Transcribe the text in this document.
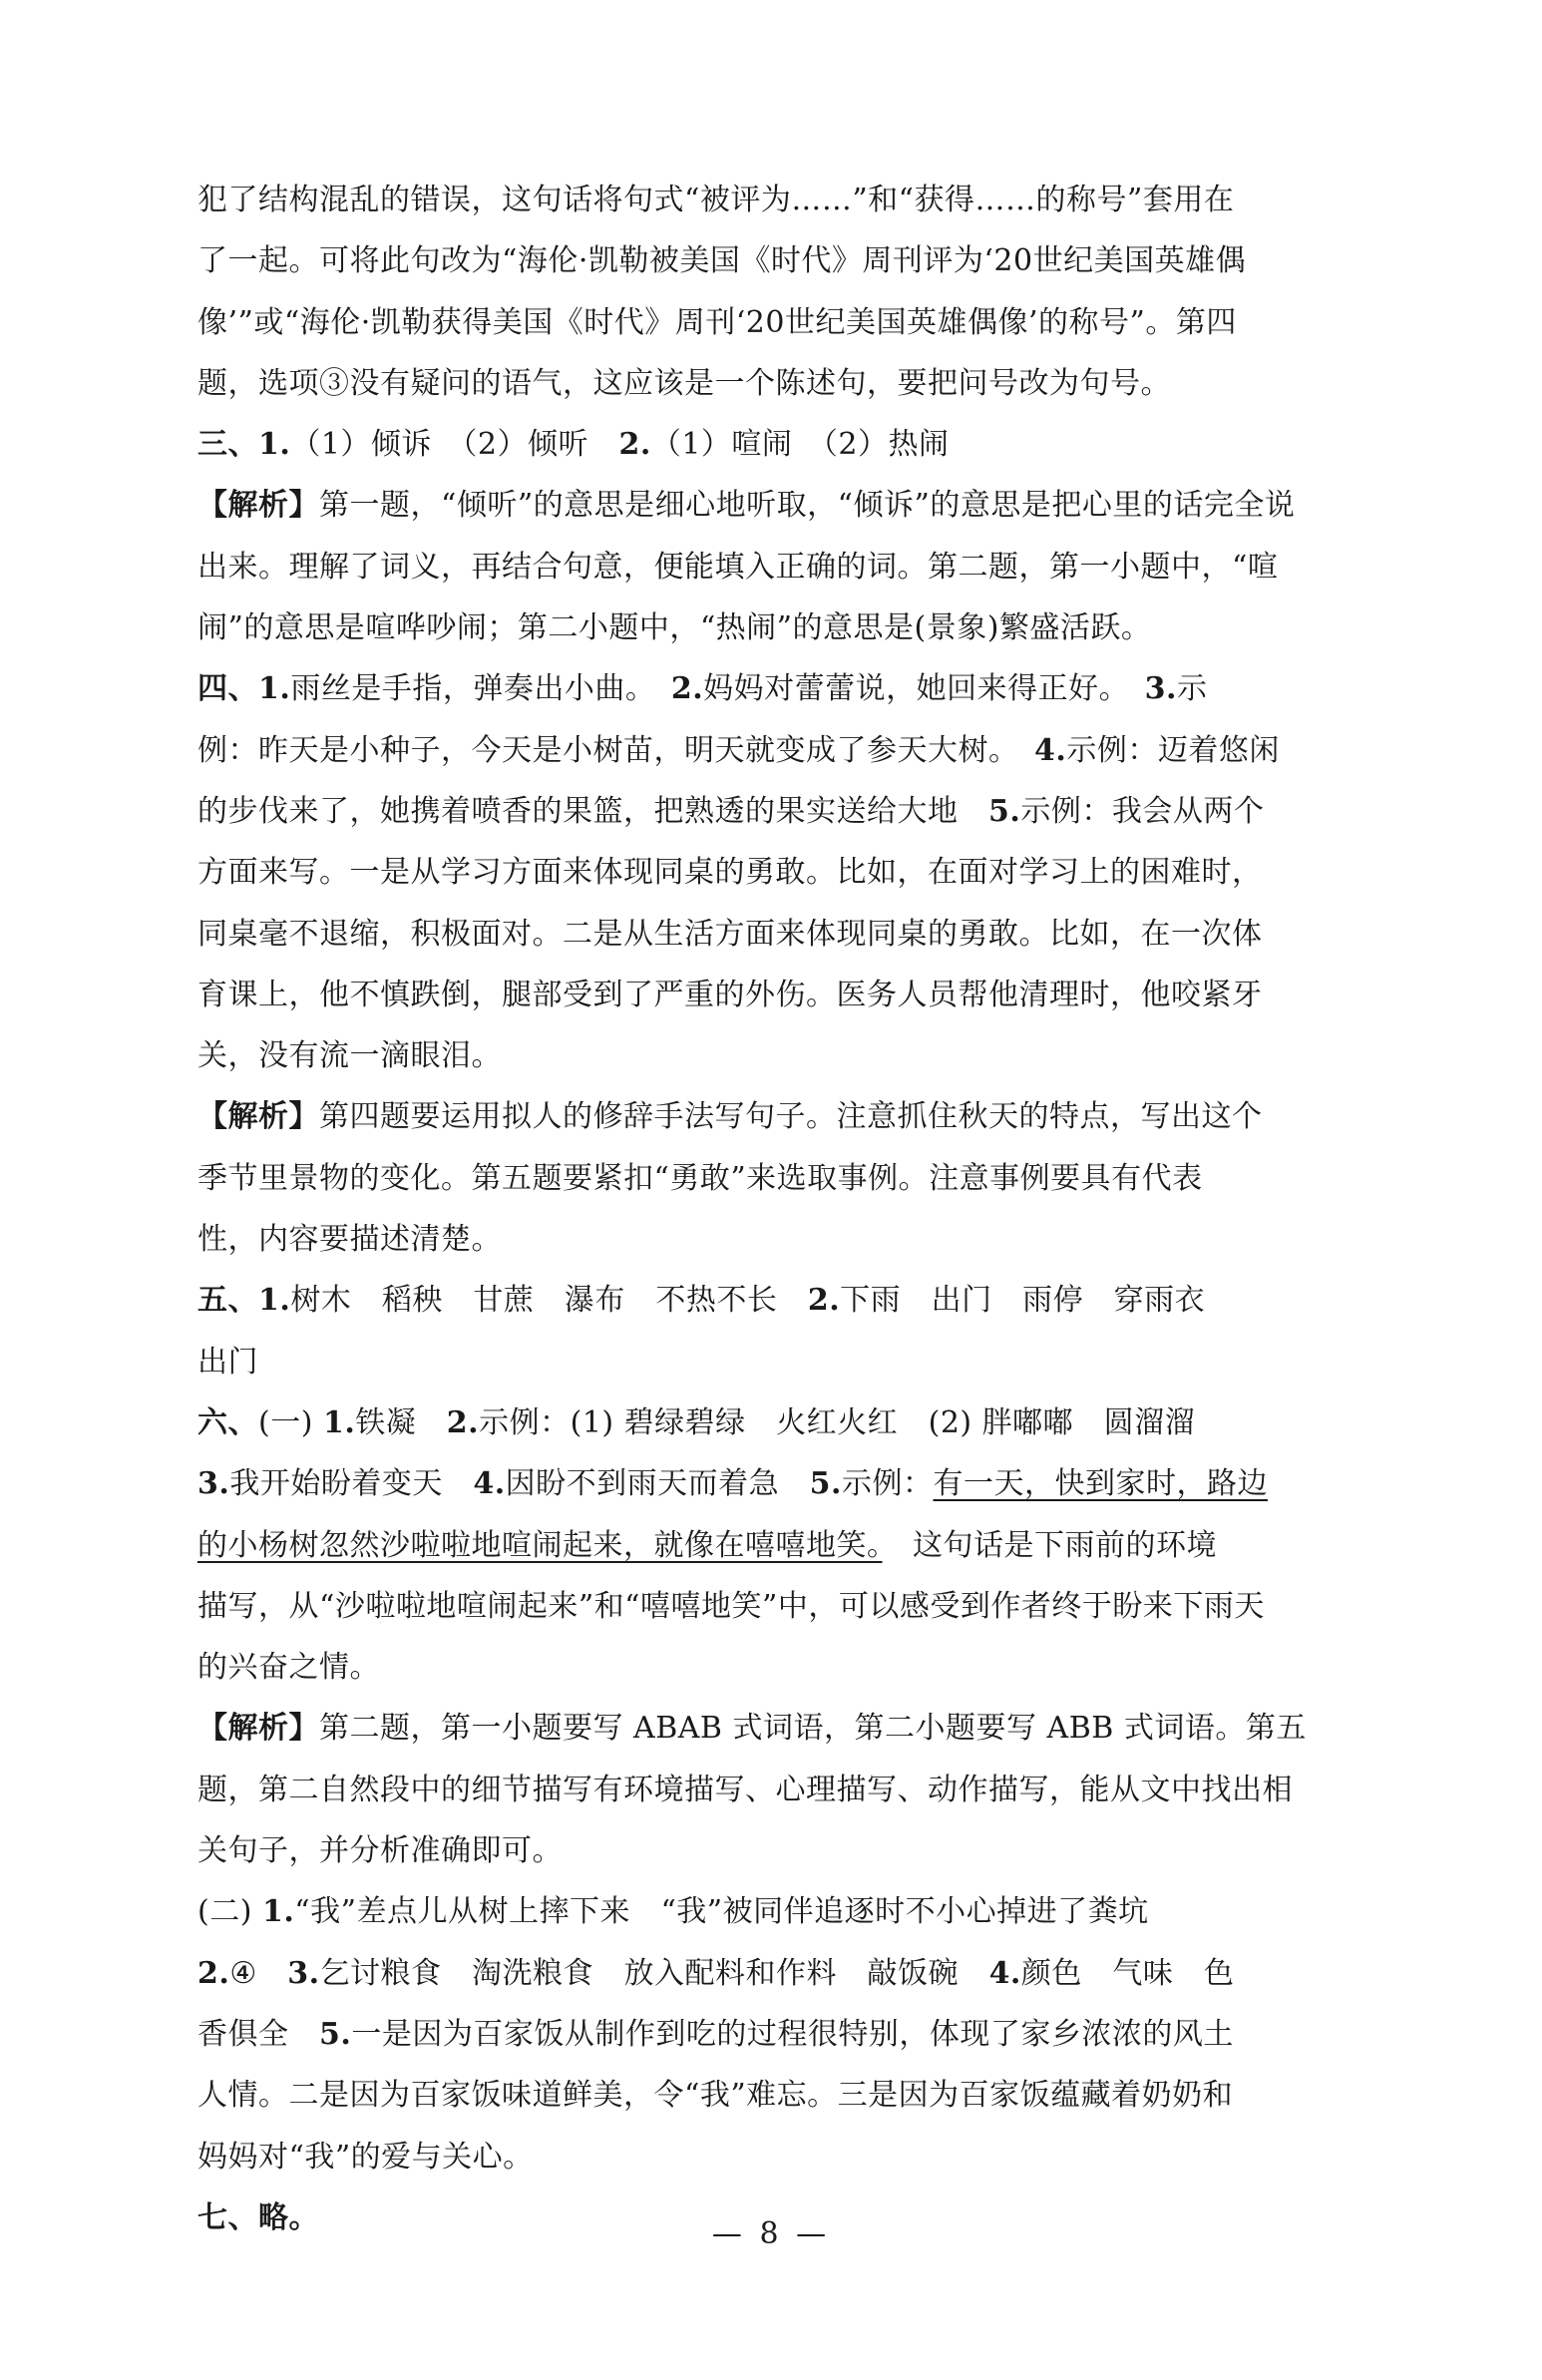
犯了结构混乱的错误，这句话将句式“被评为……”和“获得……的称号”套用在
了一起。可将此句改为“海伦·凯勒被美国《时代》周刊评为‘20世纪美国英雄偶
像’”或“海伦·凯勒获得美国《时代》周刊‘20世纪美国英雄偶像’的称号”。第四
题，选项③没有疑问的语气，这应该是一个陈述句，要把问号改为句号。
三、1.（1）倾诉　（2）倾听　2.（1）喧闹　（2）热闹
【解析】第一题，“倾听”的意思是细心地听取，“倾诉”的意思是把心里的话完全说
出来。理解了词义，再结合句意，便能填入正确的词。第二题，第一小题中，“喧
闹”的意思是喧哗吵闹；第二小题中，“热闹”的意思是(景象)繁盛活跃。
四、1.雨丝是手指，弹奏出小曲。　2.妈妈对蕾蕾说，她回来得正好。　3.示
例：昨天是小种子，今天是小树苗，明天就变成了参天大树。　4.示例：迈着悠闲
的步伐来了，她携着喷香的果篮，把熟透的果实送给大地　5.示例：我会从两个
方面来写。一是从学习方面来体现同桌的勇敢。比如，在面对学习上的困难时，
同桌毫不退缩，积极面对。二是从生活方面来体现同桌的勇敢。比如，在一次体
育课上，他不慎跌倒，腿部受到了严重的外伤。医务人员帮他清理时，他咬紧牙
关，没有流一滴眼泪。
【解析】第四题要运用拟人的修辞手法写句子。注意抓住秋天的特点，写出这个
季节里景物的变化。第五题要紧扣“勇敢”来选取事例。注意事例要具有代表
性，内容要描述清楚。
五、1.树木　稻秧　甘蔗　瀑布　不热不长　2.下雨　出门　雨停　穿雨衣
出门
六、(一) 1.铁凝　2.示例：(1) 碧绿碧绿　火红火红　(2) 胖嘟嘟　圆溜溜
3.我开始盼着变天　4.因盼不到雨天而着急　5.示例：有一天，快到家时，路边
的小杨树忽然沙啦啦地喧闹起来，就像在嘻嘻地笑。　这句话是下雨前的环境
描写，从“沙啦啦地喧闹起来”和“嘻嘻地笑”中，可以感受到作者终于盼来下雨天
的兴奋之情。
【解析】第二题，第一小题要写 ABAB 式词语，第二小题要写 ABB 式词语。第五
题，第二自然段中的细节描写有环境描写、心理描写、动作描写，能从文中找出相
关句子，并分析准确即可。
(二) 1.“我”差点儿从树上摔下来　“我”被同伴追逐时不小心掉进了粪坑
2.④　3.乞讨粮食　淘洗粮食　放入配料和作料　敲饭碗　4.颜色　气味　色
香俱全　5.一是因为百家饭从制作到吃的过程很特别，体现了家乡浓浓的风土
人情。二是因为百家饭味道鲜美，令“我”难忘。三是因为百家饭蕴藏着奶奶和
妈妈对“我”的爱与关心。
七、略。	— 8 —
